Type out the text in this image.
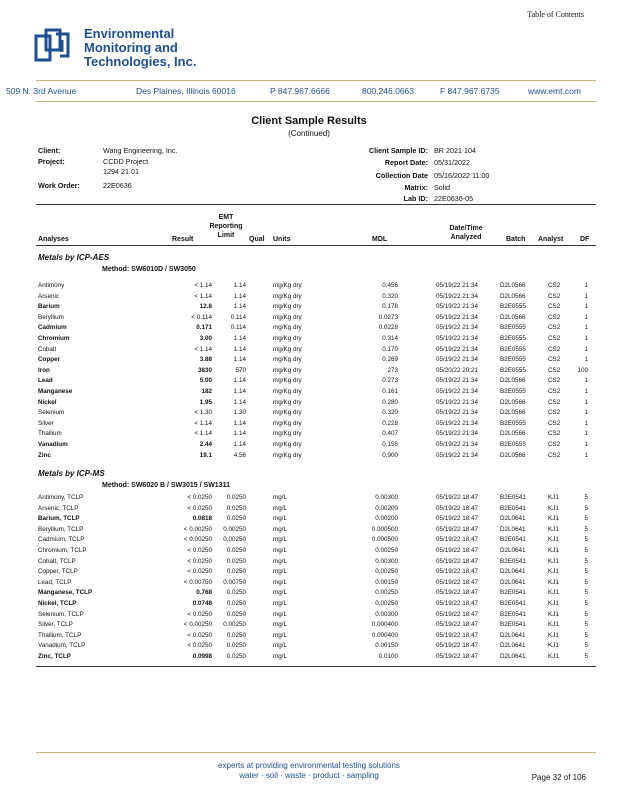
Table of Contents
Environmental
Monitoring and
Technologies, Inc.
509 N. 3rd Avenue	Des Plaines, Illinois 60016	P 847.967.6666	800.246.0663	F 847.967.6735	www.emt.com
Client Sample Results
(Continued)
Client:	Wang Engineering, Inc.
Project:	CCDD Project
1294 21 01
Work Order:	22E0636
Client Sample ID: BR 2021 104
Report Date: 05/31/2022
Collection Date 05/16/2022 11:00
Matrix: Solid
Lab ID: 22E0636-05
Analyses	Result
EMT
Reporting
Limit
Qual Units	MDL
Date/Time
Analyzed	Batch Analyst DF
Metals by ICP-AES
Method: SW6010D / SW3050
Metals by ICP-MS
Method: SW6020 B / SW3015 / SW1311
Antimony	< 1.14	1.14	mg/Kg dry	0.456	05/19/22 21:34	D2L0566	CS2	1
Arsenic	< 1.14	1.14	mg/Kg dry	0.320	05/19/22 21:34	D2L0566	CS2	1
Barium	12.8	1.14	mg/Kg dry	0.178	05/19/22 21:34	B2E0555	CS2	1
Beryllium	< 0.114	0.114	mg/Kg dry	0.0273	05/19/22 21:34	D2L0566	CS2	1
Cadmium	0.171	0.114	mg/Kg dry	0.0228	05/19/22 21:34	B2E0555	CS2	1
Chromium	3.00	1.14	mg/Kg dry	0.314	05/19/22 21:34	B2E0555	CS2	1
Cobalt	< 1.14	1.14	mg/Kg dry	0.170	05/19/22 21:34	B2E0555	CS2	1
Copper	3.88	1.14	mg/Kg dry	0.269	05/19/22 21:34	B2E0555	CS2	1
Iron	3830	570	mg/Kg dry	273	05/20/22 20:21	B2E0555	CS2	100
Lead	5.00	1.14	mg/Kg dry	0.273	05/19/22 21:34	D2L0566	CS2	1
Manganese	182	1.14	mg/Kg dry	0.161	05/19/22 21:34	B2E0555	CS2	1
Nickel	1.95	1.14	mg/Kg dry	0.280	05/19/22 21:34	D2L0566	CS2	1
Selenium	< 1.30	1.30	mg/Kg dry	0.320	05/19/22 21:34	D2L0566	CS2	1
Silver	< 1.14	1.14	mg/Kg dry	0.228	05/19/22 21:34	B2E0555	CS2	1
Thallium	< 1.14	1.14	mg/Kg dry	0.407	05/19/22 21:34	D2L0566	CS2	1
Vanadium	2.44	1.14	mg/Kg dry	0.155	05/19/22 21:34	B2E0555	CS2	1
Zinc	19.1	4.56	mg/Kg dry	0.900	05/19/22 21:34	D2L0566	CS2	1
Antimony, TCLP	< 0.0250 0.0250	mg/L	0.00300	05/19/22 18:47	B2E0541	KJ1	5
Arsenic, TCLP	< 0.0250 0.0250	mg/L	0.00200	05/19/22 18:47	B2E0541	KJ1	5
Barium, TCLP	0.0818 0.0250	mg/L	0.00200	05/19/22 18:47	D2L0641	KJ1	5
Beryllium, TCLP	< 0.00250 0.00250	mg/L	0.000500	05/19/22 18:47	D2L0641	KJ1	5
Cadmium, TCLP	< 0.00250 0.00250	mg/L	0.000500	05/19/22 18:47	B2E0541	KJ1	5
Chromium, TCLP	< 0.0250 0.0250	mg/L	0.00250	05/19/22 18:47	D2L0641	KJ1	5
Cobalt, TCLP	< 0.0250 0.0250	mg/L	0.00300	05/19/22 18:47	B2E0541	KJ1	5
Copper, TCLP	< 0.0250 0.0250	mg/L	0.00250	05/19/22 18:47	D2L0641	KJ1	5
Lead, TCLP	< 0.00750 0.00750	mg/L	0.00150	05/19/22 18:47	D2L0641	KJ1	5
Manganese, TCLP	0.768 0.0250	mg/L	0.00250	05/19/22 18:47	B2E0541	KJ1	5
Nickel, TCLP	0.0748 0.0250	mg/L	0.00250	05/19/22 18:47	B2E0541	KJ1	5
Selenium, TCLP	< 0.0250 0.0250	mg/L	0.00300	05/19/22 18:47	B2E0541	KJ1	5
Silver, TCLP	< 0.00250 0.00250	mg/L	0.000400	05/19/22 18:47	B2E0541	KJ1	5
Thallium, TCLP	< 0.0250 0.0250	mg/L	0.000400	05/19/22 18:47	D2L0641	KJ1	5
Vanadium, TCLP	< 0.0250 0.0250	mg/L	0.00150	05/19/22 18:47	D2L0641	KJ1	5
Zinc, TCLP	0.0998 0.0250	mg/L	0.0100	05/19/22 18:47	D2L0641	KJ1	5
experts at providing environmental testing solutions
water · soil · waste · product · sampling	Page 32 of 106
